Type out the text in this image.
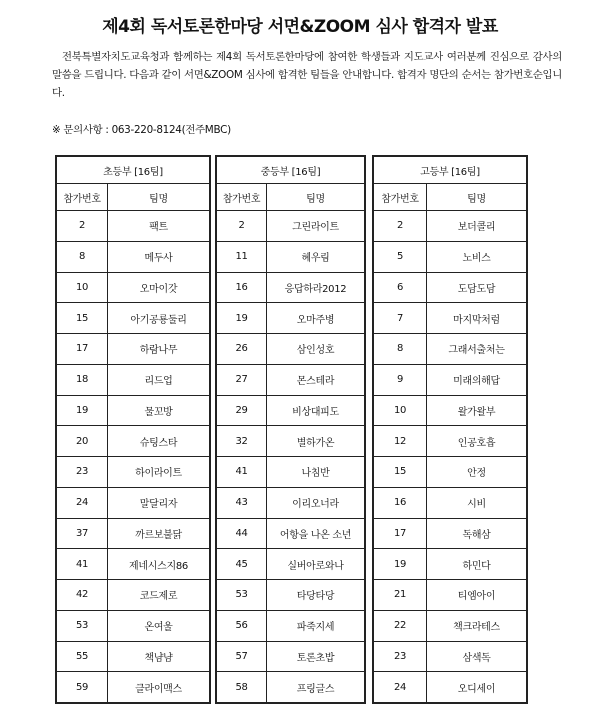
제4회 독서토론한마당 서면&ZOOM 심사 합격자 발표
전북특별자치도교육청과 함께하는 제4회 독서토론한마당에 참여한 학생들과 지도교사 여러분께 진심으로 감사의 말씀을 드립니다. 다음과 같이 서면&ZOOM 심사에 합격한 팀들을 안내합니다. 합격자 명단의 순서는 참가번호순입니다.
※ 문의사항 : 063-220-8124(전주MBC)
초등부 [16팀]	
참가번호	팀명
2	팩트
8	메두사
10	오마이갓
15	아기공룡둘리
17	하람나무
18	리드업
19	물꼬방
20	슈팅스타
23	하이라이트
24	말달리자
37	까르보불닭
41	제네시스지86
42	코드제로
53	온여울
55	책냠냠
59	클라이맥스
중등부 [16팀]	
참가번호	팀명
2	그린라이트
11	혜우림
16	응답하라2012
19	오마주병
26	삼인성호
27	몬스테라
29	비상대피도
32	별하가온
41	나침반
43	이리오너라
44	어항을 나온 소년
45	실버아로와나
53	타당타당
56	파죽지세
57	토론초밥
58	프링글스
고등부 [16팀]	
참가번호	팀명
2	보더콜리
5	노비스
6	도담도담
7	마지막처럼
8	그래서출처는
9	미래의해답
10	왈가왈부
12	인공호흡
15	안정
16	시비
17	독해삼
19	하민다
21	티엠아이
22	책크라테스
23	삼색독
24	오디세이
